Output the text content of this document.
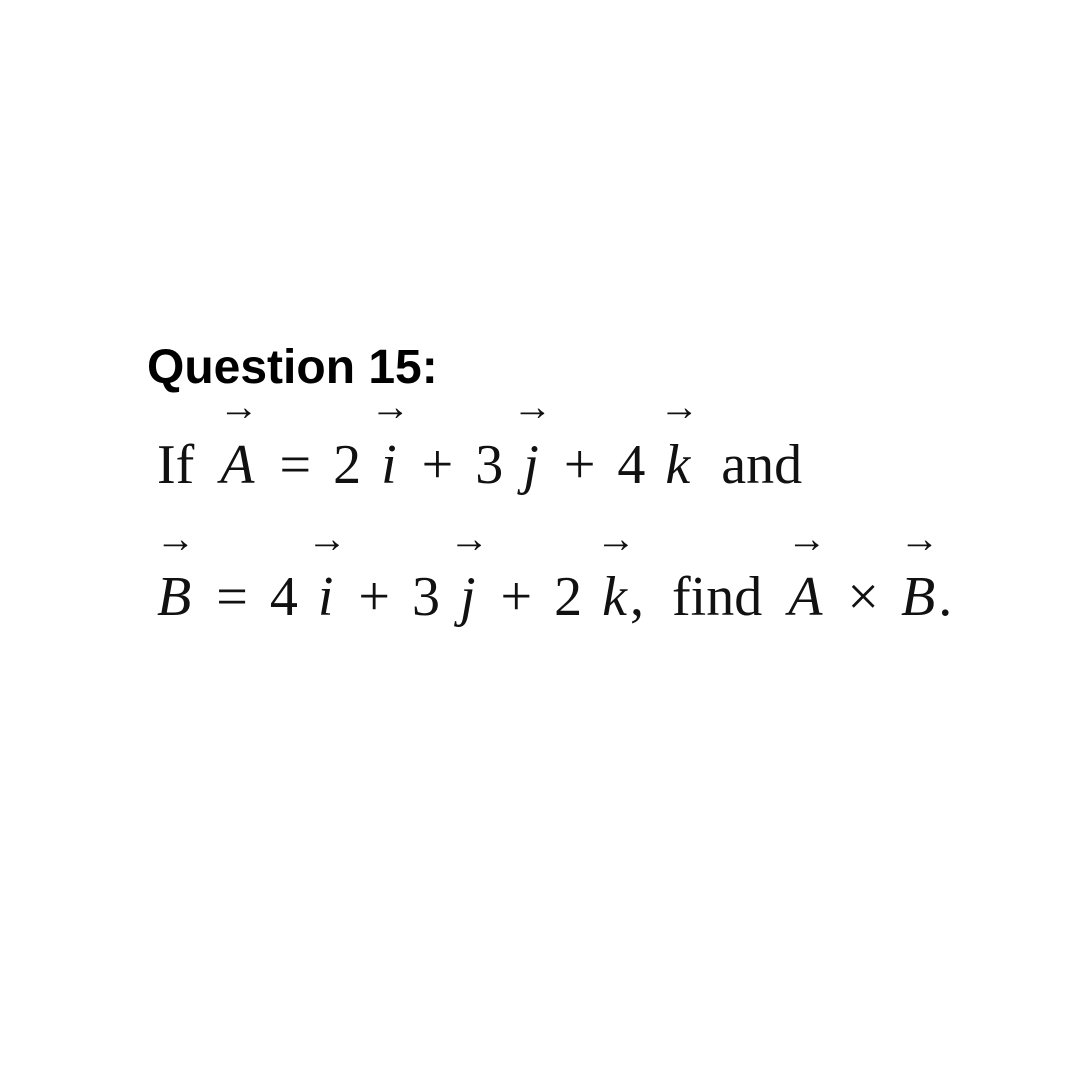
Question 15:
If → A = 2 → i + 3 → j + 4 → k and
→ B = 4 → i + 3 → j + 2 → k, find → A × → B.
